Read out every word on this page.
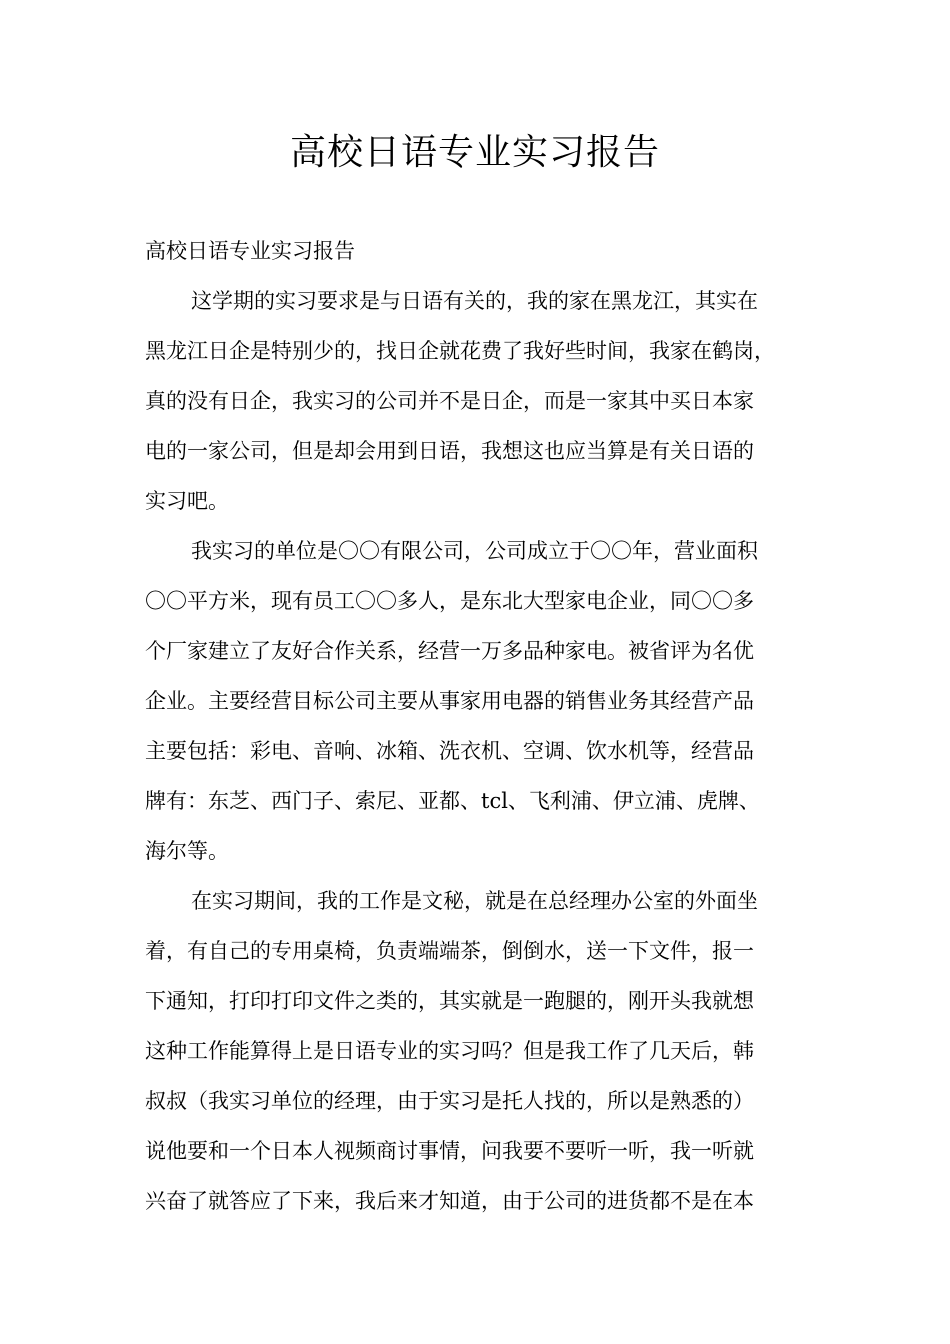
高校日语专业实习报告
高校日语专业实习报告
这学期的实习要求是与日语有关的，我的家在黑龙江，其实在
黑龙江日企是特别少的，找日企就花费了我好些时间，我家在鹤岗，
真的没有日企，我实习的公司并不是日企，而是一家其中买日本家
电的一家公司，但是却会用到日语，我想这也应当算是有关日语的
实习吧。
我实习的单位是〇〇有限公司，公司成立于〇〇年，营业面积
〇〇平方米，现有员工〇〇多人，是东北大型家电企业，同〇〇多
个厂家建立了友好合作关系，经营一万多品种家电。被省评为名优
企业。主要经营目标公司主要从事家用电器的销售业务其经营产品
主要包括：彩电、音响、冰箱、洗衣机、空调、饮水机等，经营品
牌有：东芝、西门子、索尼、亚都、tcl、飞利浦、伊立浦、虎牌、
海尔等。
在实习期间，我的工作是文秘，就是在总经理办公室的外面坐
着，有自己的专用桌椅，负责端端茶，倒倒水，送一下文件，报一
下通知，打印打印文件之类的，其实就是一跑腿的，刚开头我就想
这种工作能算得上是日语专业的实习吗？但是我工作了几天后，韩
叔叔（我实习单位的经理，由于实习是托人找的，所以是熟悉的）
说他要和一个日本人视频商讨事情，问我要不要听一听，我一听就
兴奋了就答应了下来，我后来才知道，由于公司的进货都不是在本
